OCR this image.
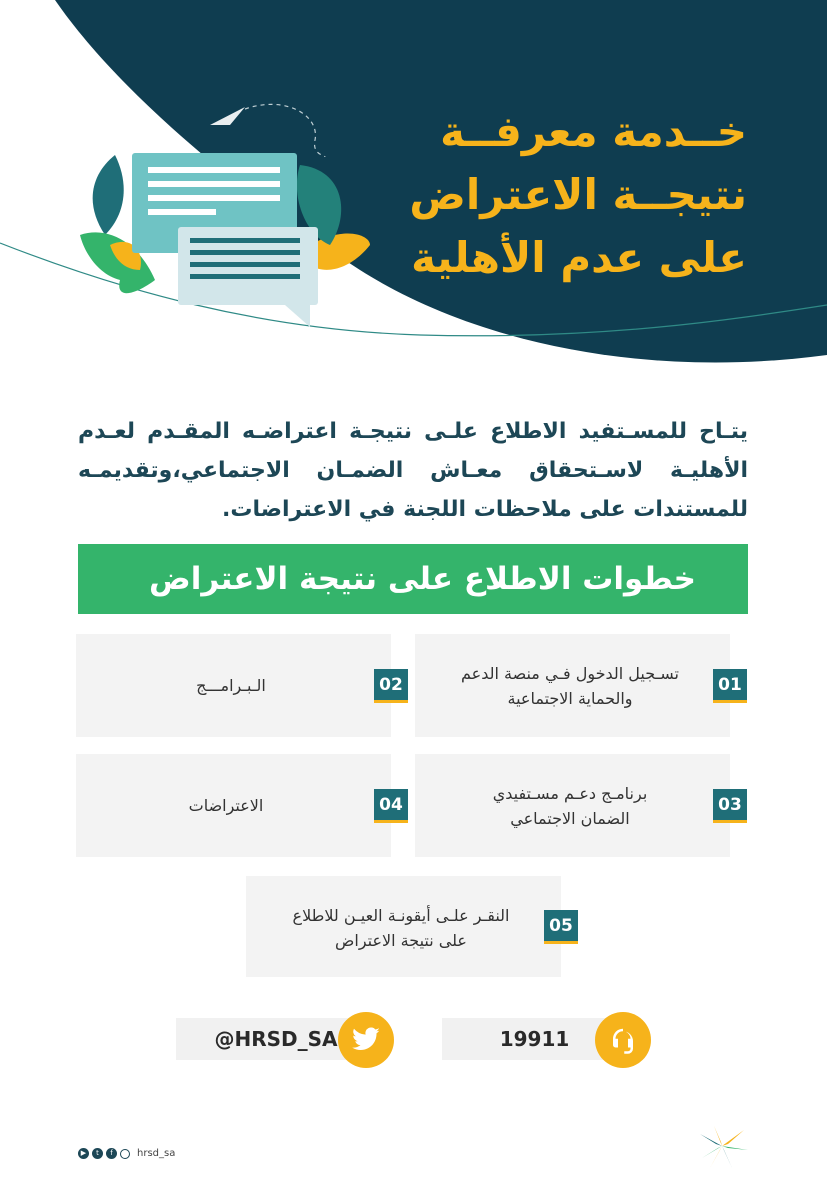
خــدمة معرفــة
نتيجــة الاعتراض
على عدم الأهلية
يتـاح للمسـتفيد الاطلاع علـى نتيجـة اعتراضـه المقـدم لعـدم الأهليـة لاسـتحقاق معـاش الضمـان الاجتماعي،وتقديمـه للمستندات على ملاحظات اللجنة في الاعتراضات.
خطوات الاطلاع على نتيجة الاعتراض
01
تسـجيل الدخول فـي منصة الدعم
والحماية الاجتماعية
02
الـبـرامـــج
03
برنامـج دعـم مسـتفيدي
الضمان الاجتماعي
04
الاعتراضات
05
النقـر علـى أيقونـة العيـن للاطلاع
على نتيجة الاعتراض
@HRSD_SA	19911
▶	t	f	hrsd_sa
